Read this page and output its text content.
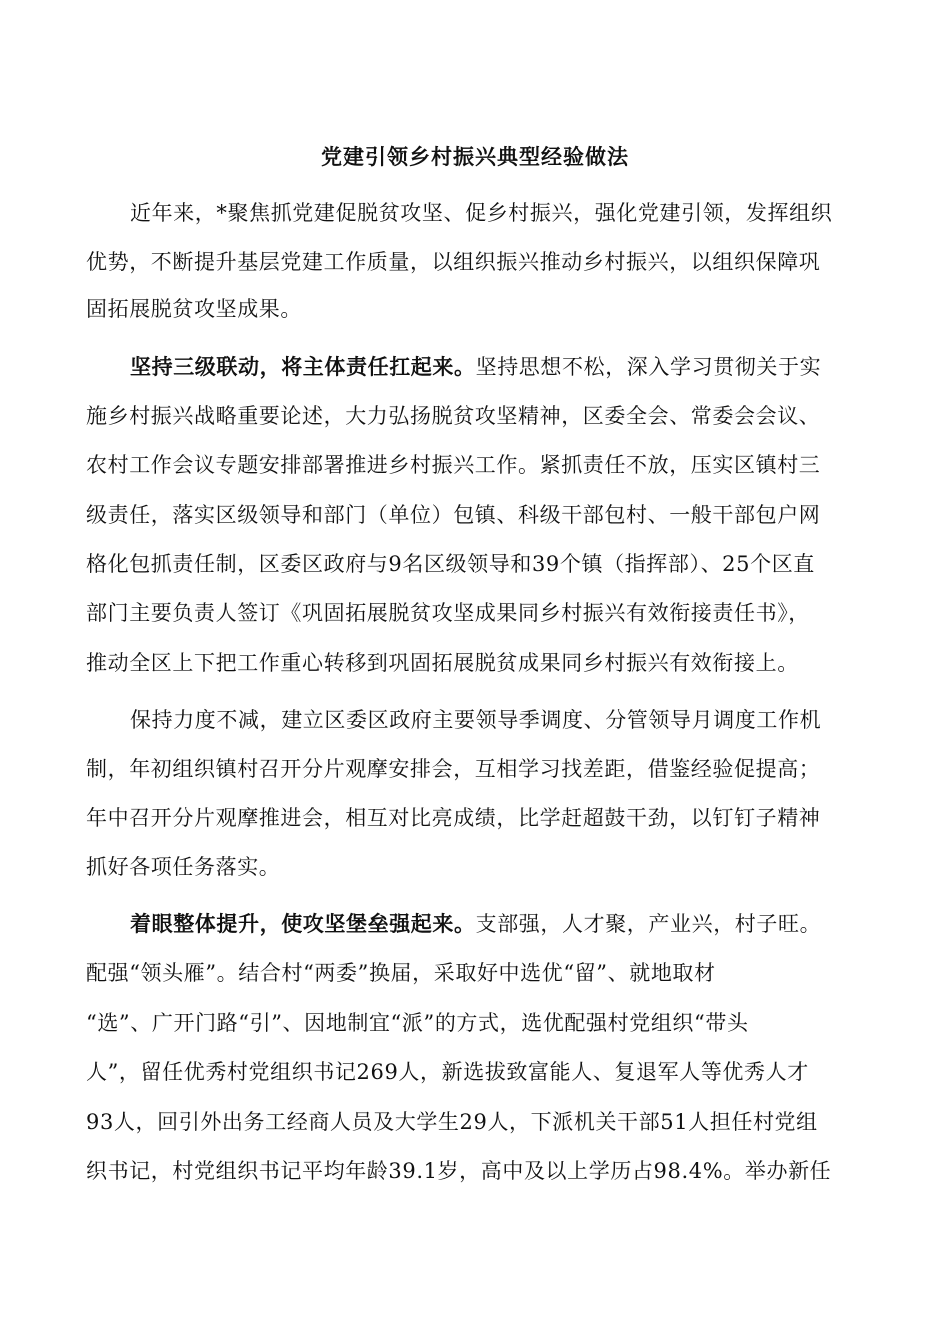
党建引领乡村振兴典型经验做法
近年来，*聚焦抓党建促脱贫攻坚、促乡村振兴，强化党建引领，发挥组织
优势，不断提升基层党建工作质量，以组织振兴推动乡村振兴，以组织保障巩
固拓展脱贫攻坚成果。
坚持三级联动，将主体责任扛起来。坚持思想不松，深入学习贯彻关于实
施乡村振兴战略重要论述，大力弘扬脱贫攻坚精神，区委全会、常委会会议、
农村工作会议专题安排部署推进乡村振兴工作。紧抓责任不放，压实区镇村三
级责任，落实区级领导和部门（单位）包镇、科级干部包村、一般干部包户网
格化包抓责任制，区委区政府与9名区级领导和39个镇（指挥部）、25个区直
部门主要负责人签订《巩固拓展脱贫攻坚成果同乡村振兴有效衔接责任书》，
推动全区上下把工作重心转移到巩固拓展脱贫成果同乡村振兴有效衔接上。
保持力度不减，建立区委区政府主要领导季调度、分管领导月调度工作机
制，年初组织镇村召开分片观摩安排会，互相学习找差距，借鉴经验促提高；
年中召开分片观摩推进会，相互对比亮成绩，比学赶超鼓干劲，以钉钉子精神
抓好各项任务落实。
着眼整体提升，使攻坚堡垒强起来。支部强，人才聚，产业兴，村子旺。
配强“领头雁”。结合村“两委”换届，采取好中选优“留”、就地取材
“选”、广开门路“引”、因地制宜“派”的方式，选优配强村党组织“带头
人”，留任优秀村党组织书记269人，新选拔致富能人、复退军人等优秀人才
93人，回引外出务工经商人员及大学生29人，下派机关干部51人担任村党组
织书记，村党组织书记平均年龄39.1岁，高中及以上学历占98.4%。举办新任
